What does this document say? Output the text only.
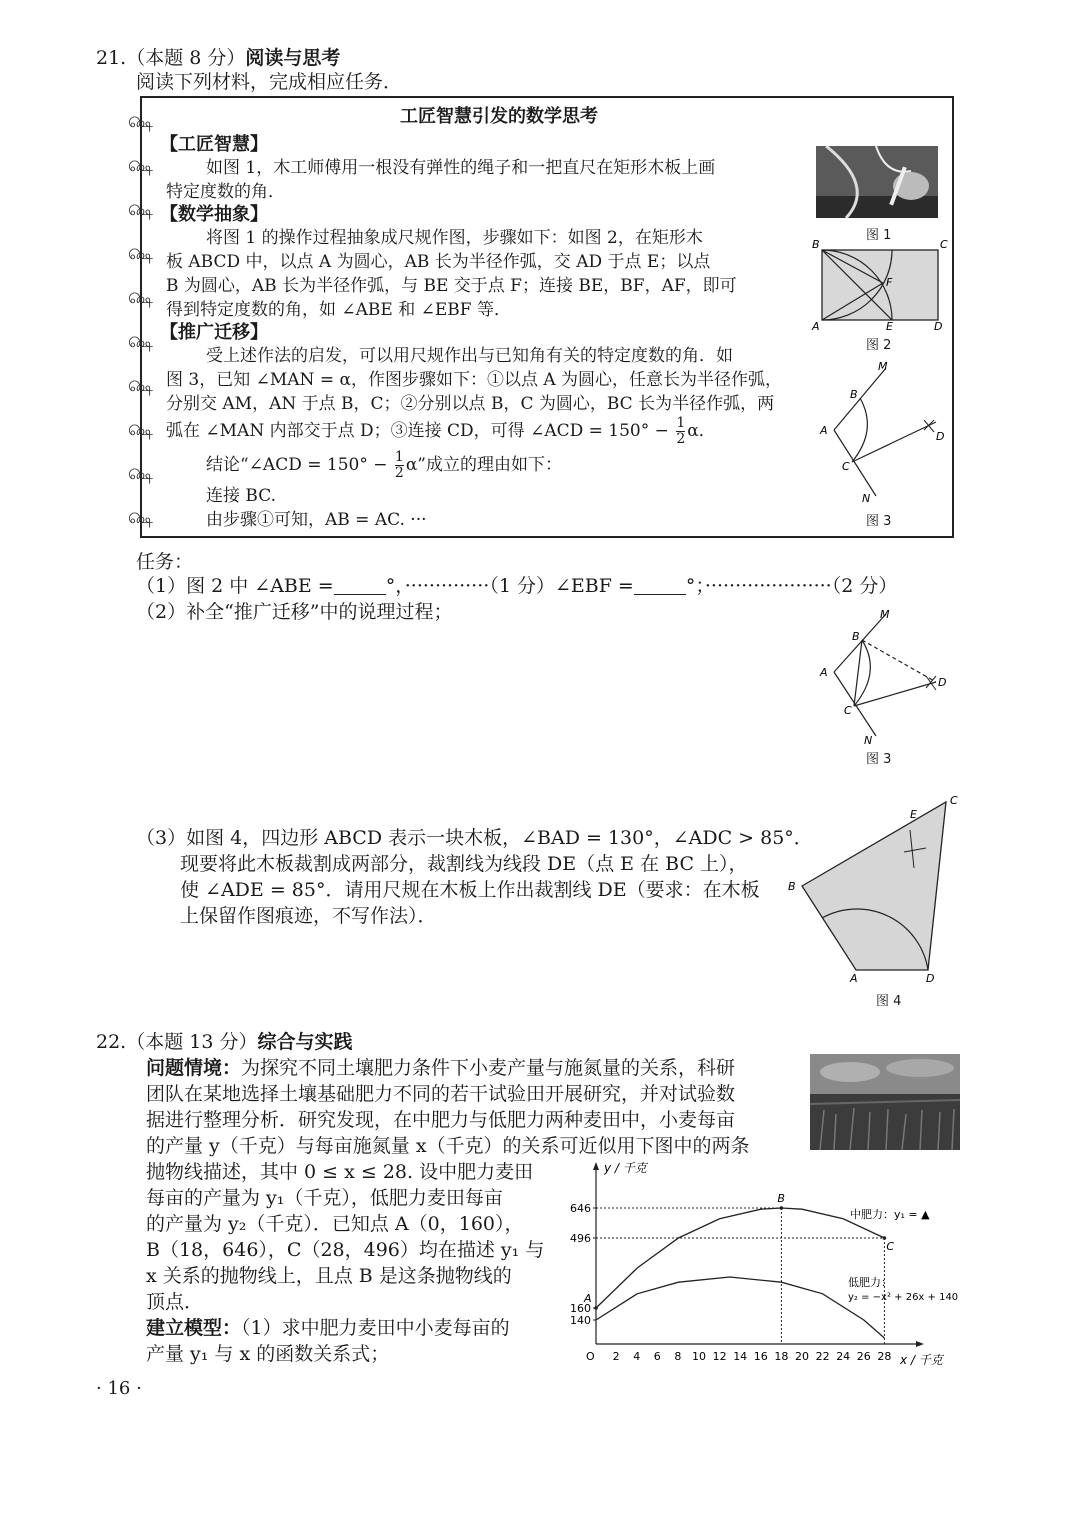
21.（本题 8 分）阅读与思考
阅读下列材料，完成相应任务．
௸
௸
௸
௸
௸
௸
௸
௸
௸
௸
工匠智慧引发的数学思考
【工匠智慧】
如图 1，木工师傅用一根没有弹性的绳子和一把直尺在矩形木板上画
特定度数的角．
【数学抽象】
将图 1 的操作过程抽象成尺规作图，步骤如下：如图 2，在矩形木
板 ABCD 中，以点 A 为圆心，AB 长为半径作弧，交 AD 于点 E；以点
B 为圆心，AB 长为半径作弧，与 BE 交于点 F；连接 BE，BF，AF，即可
得到特定度数的角，如 ∠ABE 和 ∠EBF 等．
【推广迁移】
受上述作法的启发，可以用尺规作出与已知角有关的特定度数的角．如
图 3，已知 ∠MAN = α，作图步骤如下：①以点 A 为圆心，任意长为半径作弧，
分别交 AM，AN 于点 B，C；②分别以点 B，C 为圆心，BC 长为半径作弧，两
弧在 ∠MAN 内部交于点 D；③连接 CD，可得 ∠ACD = $150^\circ - \frac{1}{2}$ α．
结论“∠ACD = $150^\circ - \frac{1}{2} \alpha$”成立的理由如下：
连接 BC.
由步骤①可知，AB = AC. ···
图 1
B	C
A	E	D
F
图 2
M
B
A
C
D
N
图 3
任务：
（1）图 2 中 ∠ABE =	°，··············（1 分）∠EBF =	°；·····················（2 分）
（2）补全“推广迁移”中的说理过程；	M
B
A
C
D
N
图 3
（3）如图 4，四边形 ABCD 表示一块木板，∠BAD = 130°，∠ADC > 85°．
现要将此木板裁割成两部分，裁割线为线段 DE（点 E 在 BC 上），
使 ∠ADE = 85°．请用尺规在木板上作出裁割线 DE（要求：在木板
上保留作图痕迹，不写作法）．
B
C
E
A	D
图 4
22.（本题 13 分）综合与实践
问题情境：为探究不同土壤肥力条件下小麦产量与施氮量的关系，科研
团队在某地选择土壤基础肥力不同的若干试验田开展研究，并对试验数
据进行整理分析．研究发现，在中肥力与低肥力两种麦田中，小麦每亩
的产量 y（千克）与每亩施氮量 x（千克）的关系可近似用下图中的两条
抛物线描述，其中 0 ≤ x ≤ 28. 设中肥力麦田
每亩的产量为 y₁（千克），低肥力麦田每亩
的产量为 y₂（千克）．已知点 A（0，160），
B（18，646），C（28，496）均在描述 y₁ 与
x 关系的抛物线上，且点 B 是这条抛物线的
顶点．
建立模型：（1）求中肥力麦田中小麦每亩的
产量 y₁ 与 x 的函数关系式；
y / 千克
x / 千克
O 2 4 6 8 10 12 14 16 18 20 22 24 26 28
140
160
496
646	中肥力：y₁ = ▲
低肥力：
y₂ = −x² + 26x + 140
A
B
C
· 16 ·
